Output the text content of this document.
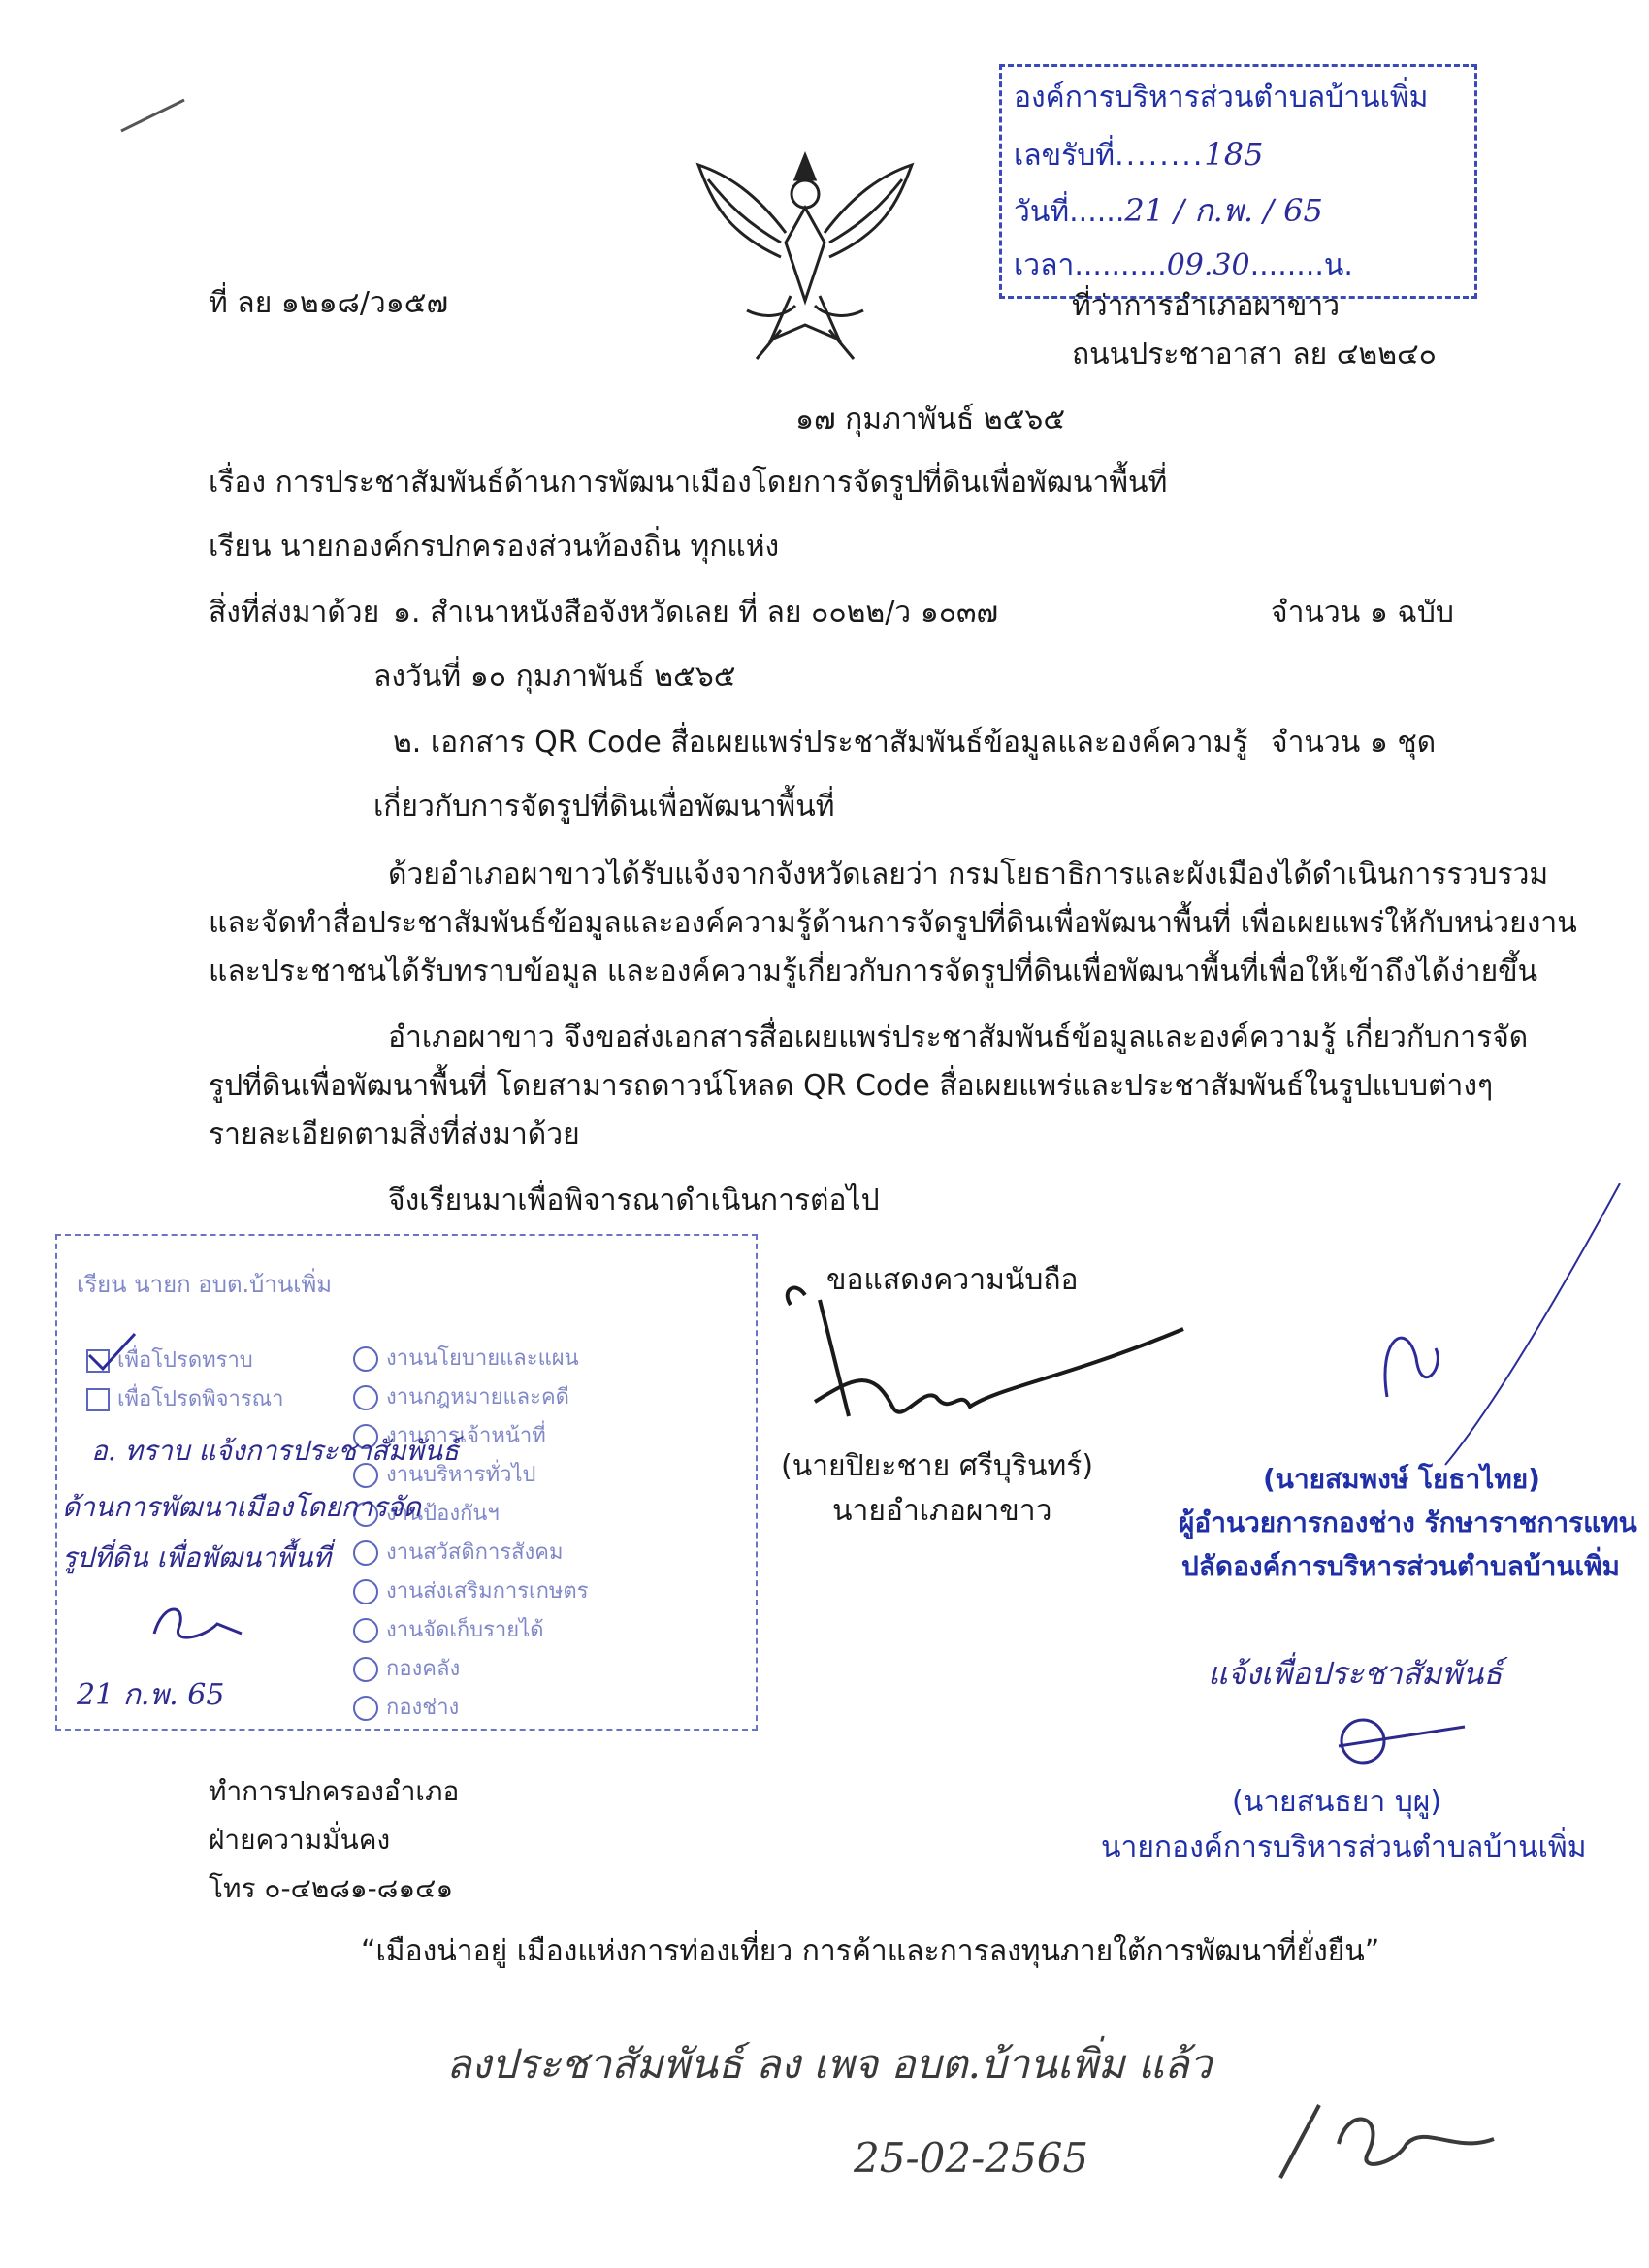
องค์การบริหารส่วนตำบลบ้านเพิ่ม
เลขรับที่........185
วันที่......21 / ก.พ. / 65
เวลา..........09.30........น.
ที่ ลย ๑๒๑๘/ว๑๕๗	ที่ว่าการอำเภอผาขาว
ถนนประชาอาสา ลย ๔๒๒๔๐
๑๗ กุมภาพันธ์ ๒๕๖๕
เรื่อง การประชาสัมพันธ์ด้านการพัฒนาเมืองโดยการจัดรูปที่ดินเพื่อพัฒนาพื้นที่
เรียน นายกองค์กรปกครองส่วนท้องถิ่น ทุกแห่ง
สิ่งที่ส่งมาด้วย ๑. สำเนาหนังสือจังหวัดเลย ที่ ลย ๐๐๒๒/ว ๑๐๓๗	จำนวน ๑ ฉบับ
ลงวันที่ ๑๐ กุมภาพันธ์ ๒๕๖๕
๒. เอกสาร QR Code สื่อเผยแพร่ประชาสัมพันธ์ข้อมูลและองค์ความรู้ จำนวน ๑ ชุด
เกี่ยวกับการจัดรูปที่ดินเพื่อพัฒนาพื้นที่
ด้วยอำเภอผาขาวได้รับแจ้งจากจังหวัดเลยว่า กรมโยธาธิการและผังเมืองได้ดำเนินการรวบรวม
และจัดทำสื่อประชาสัมพันธ์ข้อมูลและองค์ความรู้ด้านการจัดรูปที่ดินเพื่อพัฒนาพื้นที่ เพื่อเผยแพร่ให้กับหน่วยงาน
และประชาชนได้รับทราบข้อมูล และองค์ความรู้เกี่ยวกับการจัดรูปที่ดินเพื่อพัฒนาพื้นที่เพื่อให้เข้าถึงได้ง่ายขึ้น
อำเภอผาขาว จึงขอส่งเอกสารสื่อเผยแพร่ประชาสัมพันธ์ข้อมูลและองค์ความรู้ เกี่ยวกับการจัด
รูปที่ดินเพื่อพัฒนาพื้นที่ โดยสามารถดาวน์โหลด QR Code สื่อเผยแพร่และประชาสัมพันธ์ในรูปแบบต่างๆ
รายละเอียดตามสิ่งที่ส่งมาด้วย
จึงเรียนมาเพื่อพิจารณาดำเนินการต่อไป
เรียน นายก อบต.บ้านเพิ่ม
เพื่อโปรดทราบ
เพื่อโปรดพิจารณา
งานนโยบายและแผน
งานกฎหมายและคดี
งานการเจ้าหน้าที่
งานบริหารทั่วไป
งานป้องกันฯ
งานสวัสดิการสังคม
งานส่งเสริมการเกษตร
งานจัดเก็บรายได้
กองคลัง
กองช่าง
อ. ทราบ แจ้งการประชาสัมพันธ์
ด้านการพัฒนาเมืองโดยการจัด
รูปที่ดิน เพื่อพัฒนาพื้นที่
21 ก.พ. 65
ขอแสดงความนับถือ
(นายปิยะชาย ศรีบุรินทร์)
นายอำเภอผาขาว
(นายสมพงษ์ โยธาไทย)
ผู้อำนวยการกองช่าง รักษาราชการแทน
ปลัดองค์การบริหารส่วนตำบลบ้านเพิ่ม
แจ้งเพื่อประชาสัมพันธ์
(นายสนธยา บุผู)
นายกองค์การบริหารส่วนตำบลบ้านเพิ่ม
ทำการปกครองอำเภอ
ฝ่ายความมั่นคง
โทร ๐-๔๒๘๑-๘๑๔๑
“เมืองน่าอยู่ เมืองแห่งการท่องเที่ยว การค้าและการลงทุนภายใต้การพัฒนาที่ยั่งยืน”
ลงประชาสัมพันธ์ ลง เพจ อบต.บ้านเพิ่ม แล้ว
25-02-2565
